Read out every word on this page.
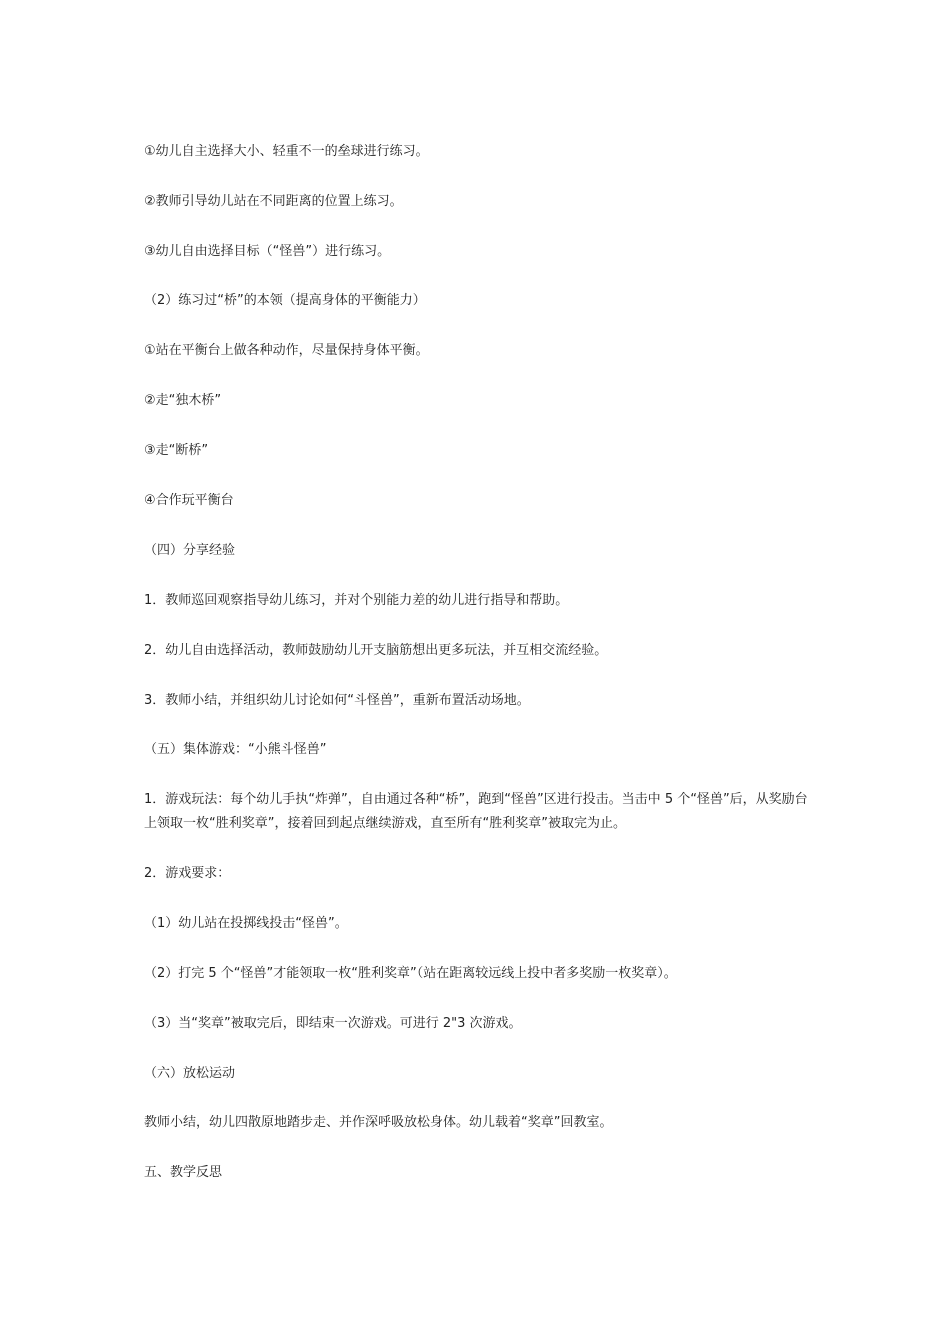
①幼儿自主选择大小、轻重不一的垒球进行练习。

②教师引导幼儿站在不同距离的位置上练习。

③幼儿自由选择目标（“怪兽”）进行练习。

（2）练习过“桥”的本领（提高身体的平衡能力）

①站在平衡台上做各种动作，尽量保持身体平衡。

②走“独木桥”

③走“断桥”

④合作玩平衡台

（四）分享经验

1．教师巡回观察指导幼儿练习，并对个别能力差的幼儿进行指导和帮助。

2．幼儿自由选择活动，教师鼓励幼儿开支脑筋想出更多玩法，并互相交流经验。

3．教师小结，并组织幼儿讨论如何“斗怪兽”，重新布置活动场地。

（五）集体游戏：“小熊斗怪兽”

1．游戏玩法：每个幼儿手执“炸弹”，自由通过各种“桥”，跑到“怪兽”区进行投击。当击中 5 个“怪兽”后，从奖励台上领取一枚“胜利奖章”，接着回到起点继续游戏，直至所有“胜利奖章”被取完为止。

2．游戏要求：

（1）幼儿站在投掷线投击“怪兽”。

（2）打完 5 个“怪兽”才能领取一枚“胜利奖章”（站在距离较远线上投中者多奖励一枚奖章）。

（3）当“奖章”被取完后，即结束一次游戏。可进行 2"3 次游戏。

（六）放松运动

教师小结，幼儿四散原地踏步走、并作深呼吸放松身体。幼儿载着“奖章”回教室。

五、教学反思
